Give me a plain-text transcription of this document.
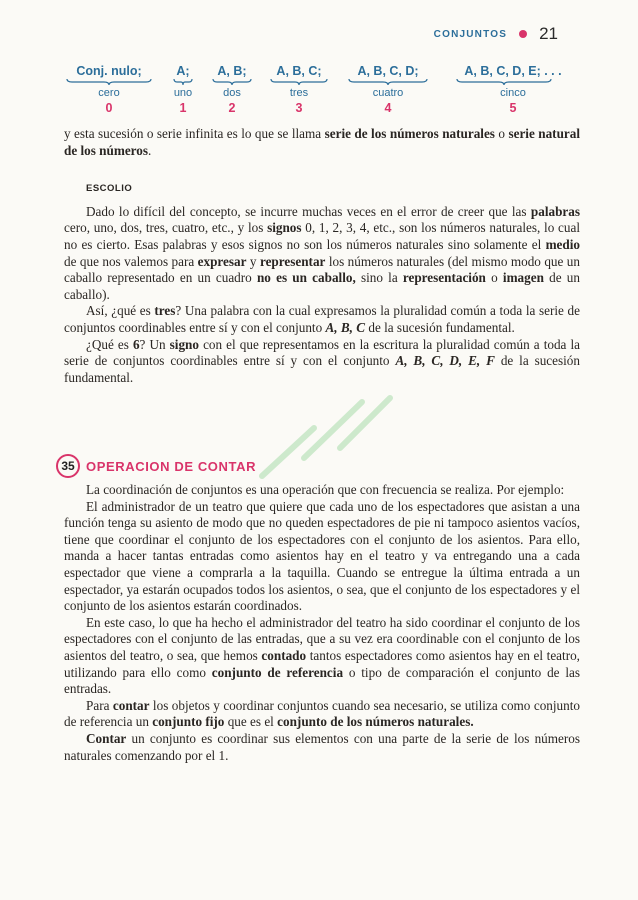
CONJUNTOS 21
Conj. nulo;
cero
0
A;
uno
1
A, B;
dos
2
A, B, C;
tres
3
A, B, C, D;
cuatro
4
A, B, C, D, E; . . .
cinco
5

y esta sucesión o serie infinita es lo que se llama serie de los números naturales o serie natural de los números.

ESCOLIO

Dado lo difícil del concepto, se incurre muchas veces en el error de creer que las palabras cero, uno, dos, tres, cuatro, etc., y los signos 0, 1, 2, 3, 4, etc., son los números naturales, lo cual no es cierto. Esas palabras y esos signos no son los números naturales sino solamente el medio de que nos valemos para expresar y representar los números naturales (del mismo modo que un caballo representado en un cuadro no es un caballo, sino la representación o imagen de un caballo).

Así, ¿qué es tres? Una palabra con la cual expresamos la pluralidad común a toda la serie de conjuntos coordinables entre sí y con el conjunto A, B, C de la sucesión fundamental.

¿Qué es 6? Un signo con el que representamos en la escritura la pluralidad común a toda la serie de conjuntos coordinables entre sí y con el conjunto A, B, C, D, E, F de la sucesión fundamental.

35 OPERACION DE CONTAR

La coordinación de conjuntos es una operación que con frecuencia se realiza. Por ejemplo:

El administrador de un teatro que quiere que cada uno de los espectadores que asistan a una función tenga su asiento de modo que no queden espectadores de pie ni tampoco asientos vacíos, tiene que coordinar el conjunto de los espectadores con el conjunto de los asientos. Para ello, manda a hacer tantas entradas como asientos hay en el teatro y va entregando una a cada espectador que viene a comprarla a la taquilla. Cuando se entregue la última entrada a un espectador, ya estarán ocupados todos los asientos, o sea, que el conjunto de los espectadores y el conjunto de los asientos estarán coordinados.

En este caso, lo que ha hecho el administrador del teatro ha sido coordinar el conjunto de los espectadores con el conjunto de las entradas, que a su vez era coordinable con el conjunto de los asientos del teatro, o sea, que hemos contado tantos espectadores como asientos hay en el teatro, utilizando para ello como conjunto de referencia o tipo de comparación el conjunto de las entradas.

Para contar los objetos y coordinar conjuntos cuando sea necesario, se utiliza como conjunto de referencia un conjunto fijo que es el conjunto de los números naturales.

Contar un conjunto es coordinar sus elementos con una parte de la serie de los números naturales comenzando por el 1.
